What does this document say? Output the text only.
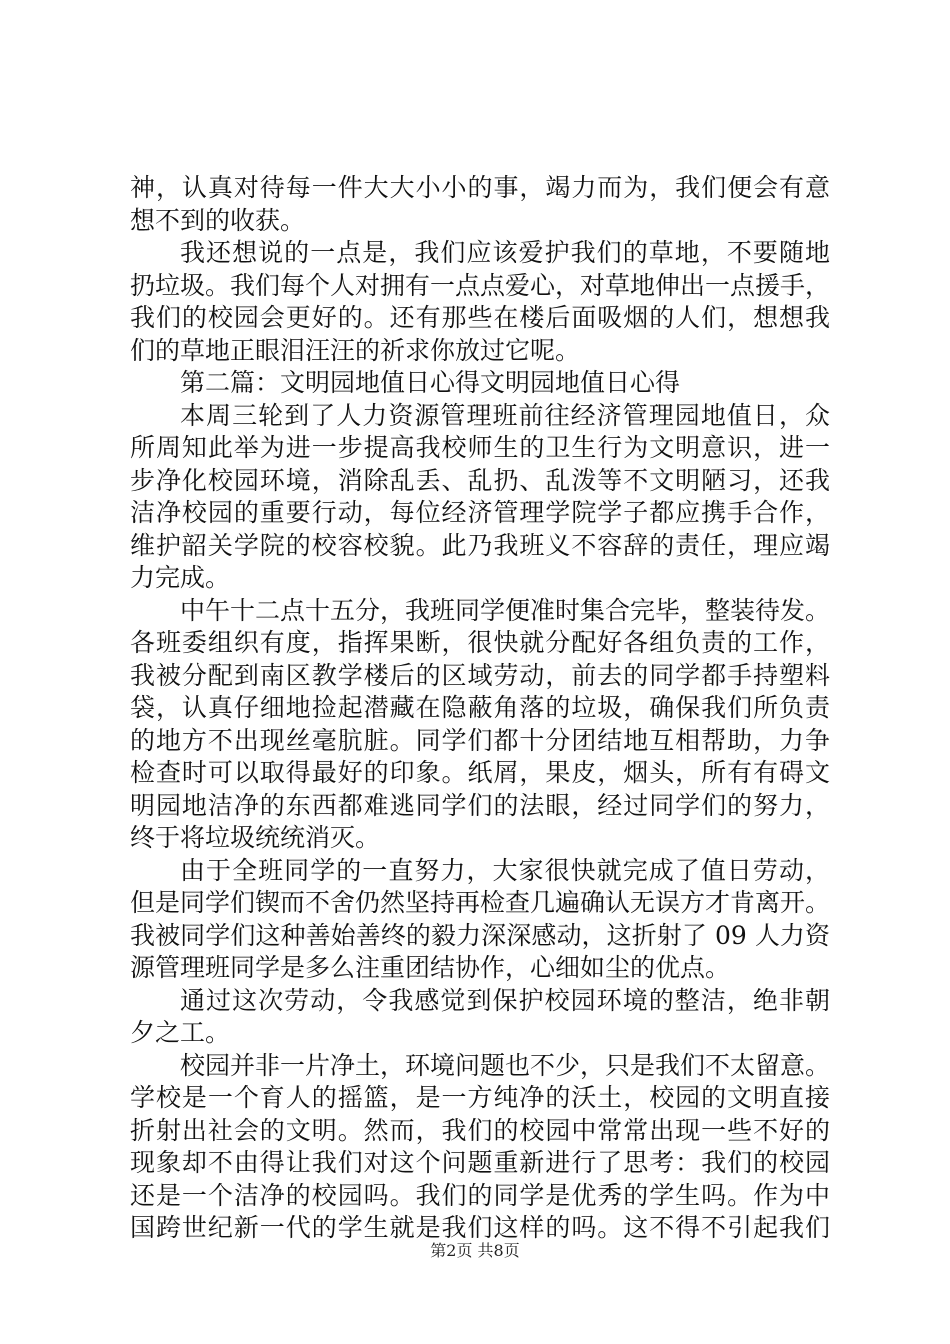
神，认真对待每一件大大小小的事，竭力而为，我们便会有意
想不到的收获。
我还想说的一点是，我们应该爱护我们的草地，不要随地
扔垃圾。我们每个人对拥有一点点爱心，对草地伸出一点援手，
我们的校园会更好的。还有那些在楼后面吸烟的人们，想想我
们的草地正眼泪汪汪的祈求你放过它呢。
第二篇：文明园地值日心得文明园地值日心得
本周三轮到了人力资源管理班前往经济管理园地值日，众
所周知此举为进一步提高我校师生的卫生行为文明意识，进一
步净化校园环境，消除乱丢、乱扔、乱泼等不文明陋习，还我
洁净校园的重要行动，每位经济管理学院学子都应携手合作，
维护韶关学院的校容校貌。此乃我班义不容辞的责任，理应竭
力完成。
中午十二点十五分，我班同学便准时集合完毕，整装待发。
各班委组织有度，指挥果断，很快就分配好各组负责的工作，
我被分配到南区教学楼后的区域劳动，前去的同学都手持塑料
袋，认真仔细地捡起潜藏在隐蔽角落的垃圾，确保我们所负责
的地方不出现丝毫肮脏。同学们都十分团结地互相帮助，力争
检查时可以取得最好的印象。纸屑，果皮，烟头，所有有碍文
明园地洁净的东西都难逃同学们的法眼，经过同学们的努力，
终于将垃圾统统消灭。
由于全班同学的一直努力，大家很快就完成了值日劳动，
但是同学们锲而不舍仍然坚持再检查几遍确认无误方才肯离开。
我被同学们这种善始善终的毅力深深感动，这折射了 09 人力资
源管理班同学是多么注重团结协作，心细如尘的优点。
通过这次劳动，令我感觉到保护校园环境的整洁，绝非朝
夕之工。
校园并非一片净土，环境问题也不少，只是我们不太留意。
学校是一个育人的摇篮，是一方纯净的沃土，校园的文明直接
折射出社会的文明。然而，我们的校园中常常出现一些不好的
现象却不由得让我们对这个问题重新进行了思考：我们的校园
还是一个洁净的校园吗。我们的同学是优秀的学生吗。作为中
国跨世纪新一代的学生就是我们这样的吗。这不得不引起我们
第2页 共8页
